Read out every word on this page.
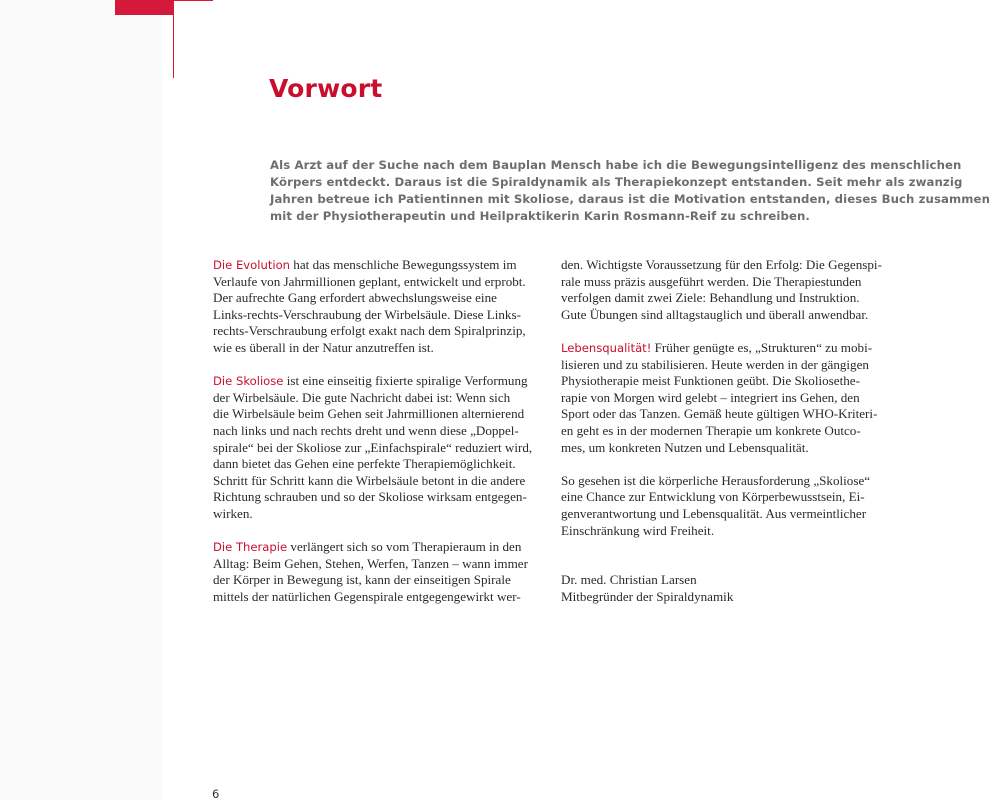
Vorwort
Als Arzt auf der Suche nach dem Bauplan Mensch habe ich die Bewegungsintelligenz des menschlichen
Körpers entdeckt. Daraus ist die Spiraldynamik als Therapiekonzept entstanden. Seit mehr als zwanzig
Jahren betreue ich Patientinnen mit Skoliose, daraus ist die Motivation entstanden, dieses Buch zusammen
mit der Physiotherapeutin und Heilpraktikerin Karin Rosmann-Reif zu schreiben.

Die Evolution hat das menschliche Bewegungssystem im
Verlaufe von Jahrmillionen geplant, entwickelt und erprobt.
Der aufrechte Gang erfordert abwechslungsweise eine
Links-rechts-Verschraubung der Wirbelsäule. Diese Links-
rechts-Verschraubung erfolgt exakt nach dem Spiralprinzip,
wie es überall in der Natur anzutreffen ist.

Die Skoliose ist eine einseitig fixierte spiralige Verformung
der Wirbelsäule. Die gute Nachricht dabei ist: Wenn sich
die Wirbelsäule beim Gehen seit Jahrmillionen alternierend
nach links und nach rechts dreht und wenn diese „Doppel-
spirale“ bei der Skoliose zur „Einfachspirale“ reduziert wird,
dann bietet das Gehen eine perfekte Therapiemöglichkeit.
Schritt für Schritt kann die Wirbelsäule betont in die andere
Richtung schrauben und so der Skoliose wirksam entgegen-
wirken.

Die Therapie verlängert sich so vom Therapieraum in den
Alltag: Beim Gehen, Stehen, Werfen, Tanzen – wann immer
der Körper in Bewegung ist, kann der einseitigen Spirale
mittels der natürlichen Gegenspirale entgegengewirkt wer-

den. Wichtigste Voraussetzung für den Erfolg: Die Gegenspi-
rale muss präzis ausgeführt werden. Die Therapiestunden
verfolgen damit zwei Ziele: Behandlung und Instruktion.
Gute Übungen sind alltagstauglich und überall anwendbar.

Lebensqualität! Früher genügte es, „Strukturen“ zu mobi-
lisieren und zu stabilisieren. Heute werden in der gängigen
Physiotherapie meist Funktionen geübt. Die Skoliosethe-
rapie von Morgen wird gelebt – integriert ins Gehen, den
Sport oder das Tanzen. Gemäß heute gültigen WHO-Kriteri-
en geht es in der modernen Therapie um konkrete Outco-
mes, um konkreten Nutzen und Lebensqualität.

So gesehen ist die körperliche Herausforderung „Skoliose“
eine Chance zur Entwicklung von Körperbewusstsein, Ei-
genverantwortung und Lebensqualität. Aus vermeintlicher
Einschränkung wird Freiheit.

Dr. med. Christian Larsen
Mitbegründer der Spiraldynamik

6
